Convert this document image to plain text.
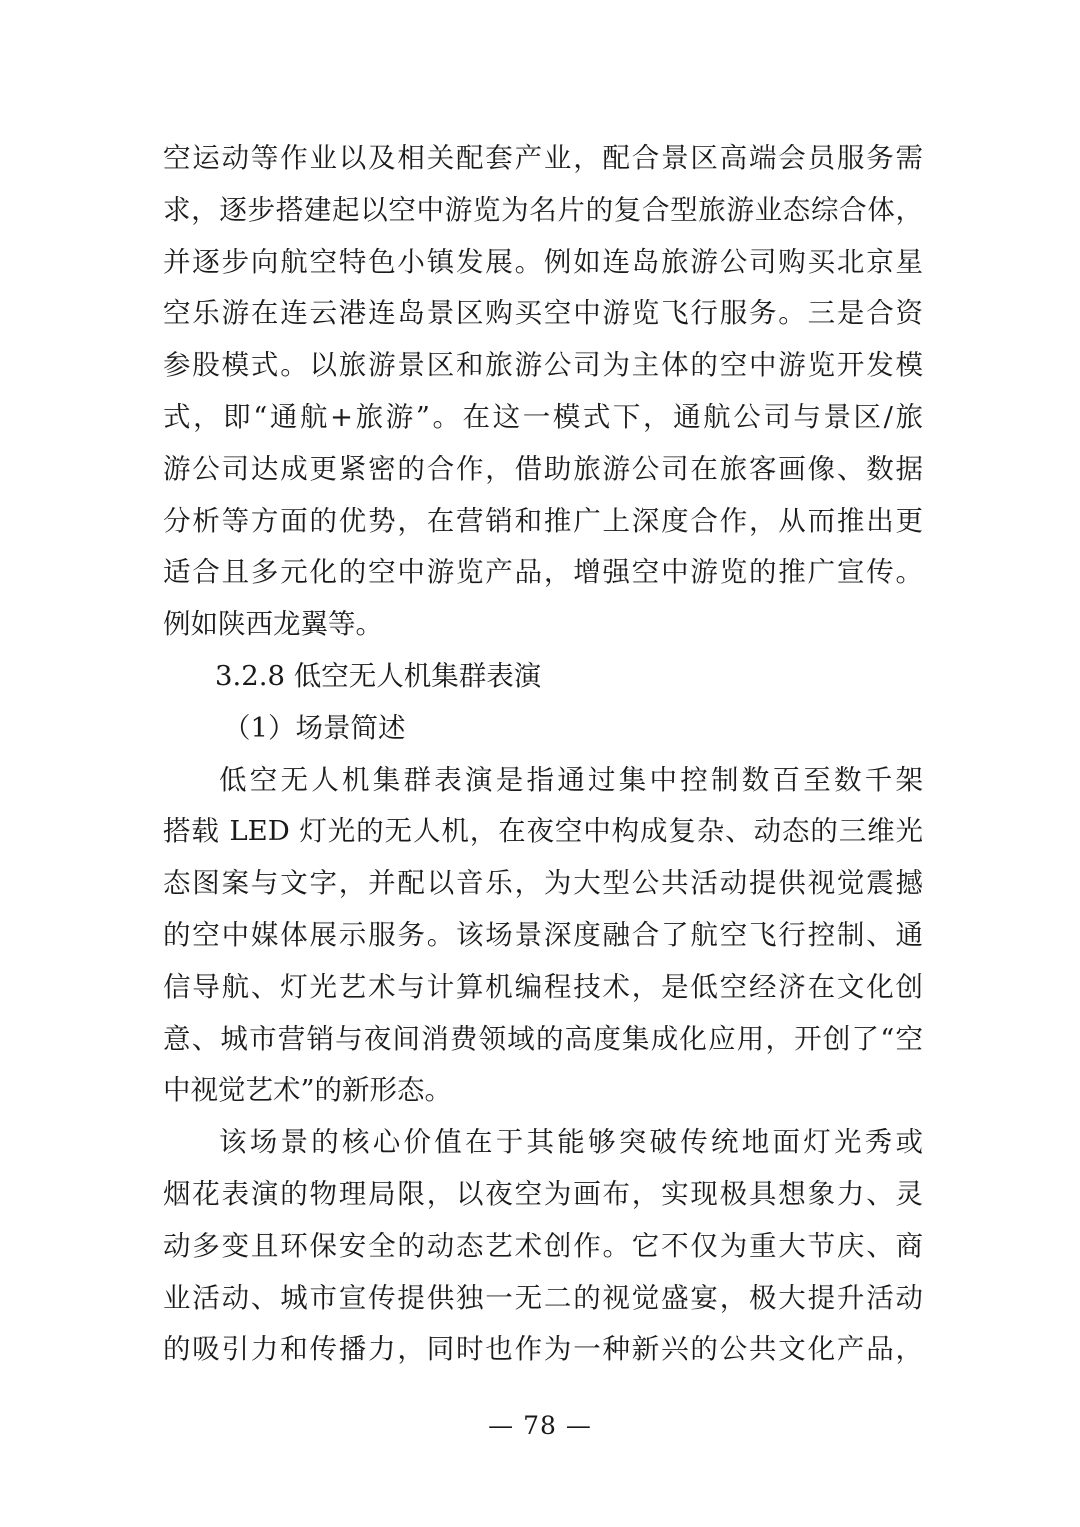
空运动等作业以及相关配套产业，配合景区高端会员服务需
求，逐步搭建起以空中游览为名片的复合型旅游业态综合体，
并逐步向航空特色小镇发展。例如连岛旅游公司购买北京星
空乐游在连云港连岛景区购买空中游览飞行服务。三是合资
参股模式。以旅游景区和旅游公司为主体的空中游览开发模
式，即“通航+旅游”。在这一模式下，通航公司与景区/旅
游公司达成更紧密的合作，借助旅游公司在旅客画像、数据
分析等方面的优势，在营销和推广上深度合作，从而推出更
适合且多元化的空中游览产品，增强空中游览的推广宣传。
例如陕西龙翼等。
3.2.8 低空无人机集群表演
（1）场景简述
低空无人机集群表演是指通过集中控制数百至数千架
搭载 LED 灯光的无人机，在夜空中构成复杂、动态的三维光
态图案与文字，并配以音乐，为大型公共活动提供视觉震撼
的空中媒体展示服务。该场景深度融合了航空飞行控制、通
信导航、灯光艺术与计算机编程技术，是低空经济在文化创
意、城市营销与夜间消费领域的高度集成化应用，开创了“空
中视觉艺术”的新形态。
该场景的核心价值在于其能够突破传统地面灯光秀或
烟花表演的物理局限，以夜空为画布，实现极具想象力、灵
动多变且环保安全的动态艺术创作。它不仅为重大节庆、商
业活动、城市宣传提供独一无二的视觉盛宴，极大提升活动
的吸引力和传播力，同时也作为一种新兴的公共文化产品，
— 78 —
